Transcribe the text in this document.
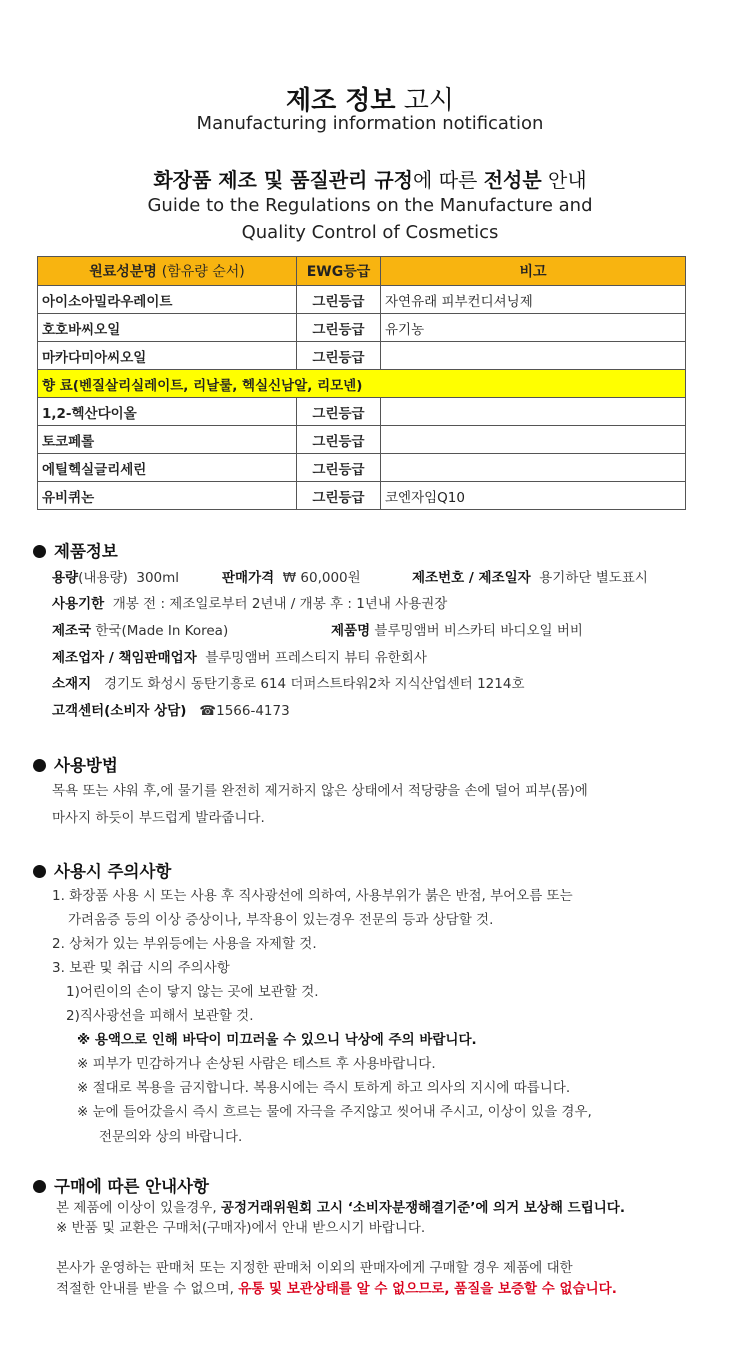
제조 정보 고시
Manufacturing information notification
화장품 제조 및 품질관리 규정에 따른 전성분 안내
Guide to the Regulations on the Manufacture and
Quality Control of Cosmetics
원료성분명 (함유량 순서)	EWG등급	비고
아이소아밀라우레이트	그린등급	자연유래 피부컨디셔닝제
호호바씨오일	그린등급	유기농
마카다미아씨오일	그린등급	
향 료(벤질살리실레이트, 리날룰, 헥실신남알, 리모넨)		
1,2-헥산다이올	그린등급	
토코페롤	그린등급	
에틸헥실글리세린	그린등급	
유비퀴논	그린등급	코엔자임Q10
제품정보
용량(내용량) 300ml	판매가격 ₩ 60,000원	제조번호 / 제조일자 용기하단 별도표시
사용기한 개봉 전 : 제조일로부터 2년내 / 개봉 후 : 1년내 사용권장
제조국 한국(Made In Korea)	제품명 블루밍앰버 비스카티 바디오일 버비
제조업자 / 책임판매업자 블루밍앰버 프레스티지 뷰티 유한회사
소재지 경기도 화성시 동탄기흥로 614 더퍼스트타워2차 지식산업센터 1214호
고객센터(소비자 상담) ☎1566-4173
사용방법
목욕 또는 샤워 후,에 물기를 완전히 제거하지 않은 상태에서 적당량을 손에 덜어 피부(몸)에
마사지 하듯이 부드럽게 발라줍니다.
사용시 주의사항
1. 화장품 사용 시 또는 사용 후 직사광선에 의하여, 사용부위가 붉은 반점, 부어오름 또는
가려움증 등의 이상 증상이나, 부작용이 있는경우 전문의 등과 상담할 것.
2. 상처가 있는 부위등에는 사용을 자제할 것.
3. 보관 및 취급 시의 주의사항
1)어린이의 손이 닿지 않는 곳에 보관할 것.
2)직사광선을 피해서 보관할 것.
※ 용액으로 인해 바닥이 미끄러울 수 있으니 낙상에 주의 바랍니다.
※ 피부가 민감하거나 손상된 사람은 테스트 후 사용바랍니다.
※ 절대로 복용을 금지합니다. 복용시에는 즉시 토하게 하고 의사의 지시에 따릅니다.
※ 눈에 들어갔을시 즉시 흐르는 물에 자극을 주지않고 씻어내 주시고, 이상이 있을 경우,
전문의와 상의 바랍니다.
구매에 따른 안내사항
본 제품에 이상이 있을경우, 공정거래위원회 고시 ‘소비자분쟁해결기준’에 의거 보상해 드립니다.
※ 반품 및 교환은 구매처(구매자)에서 안내 받으시기 바랍니다.
본사가 운영하는 판매처 또는 지정한 판매처 이외의 판매자에게 구매할 경우 제품에 대한
적절한 안내를 받을 수 없으며, 유통 및 보관상태를 알 수 없으므로, 품질을 보증할 수 없습니다.
